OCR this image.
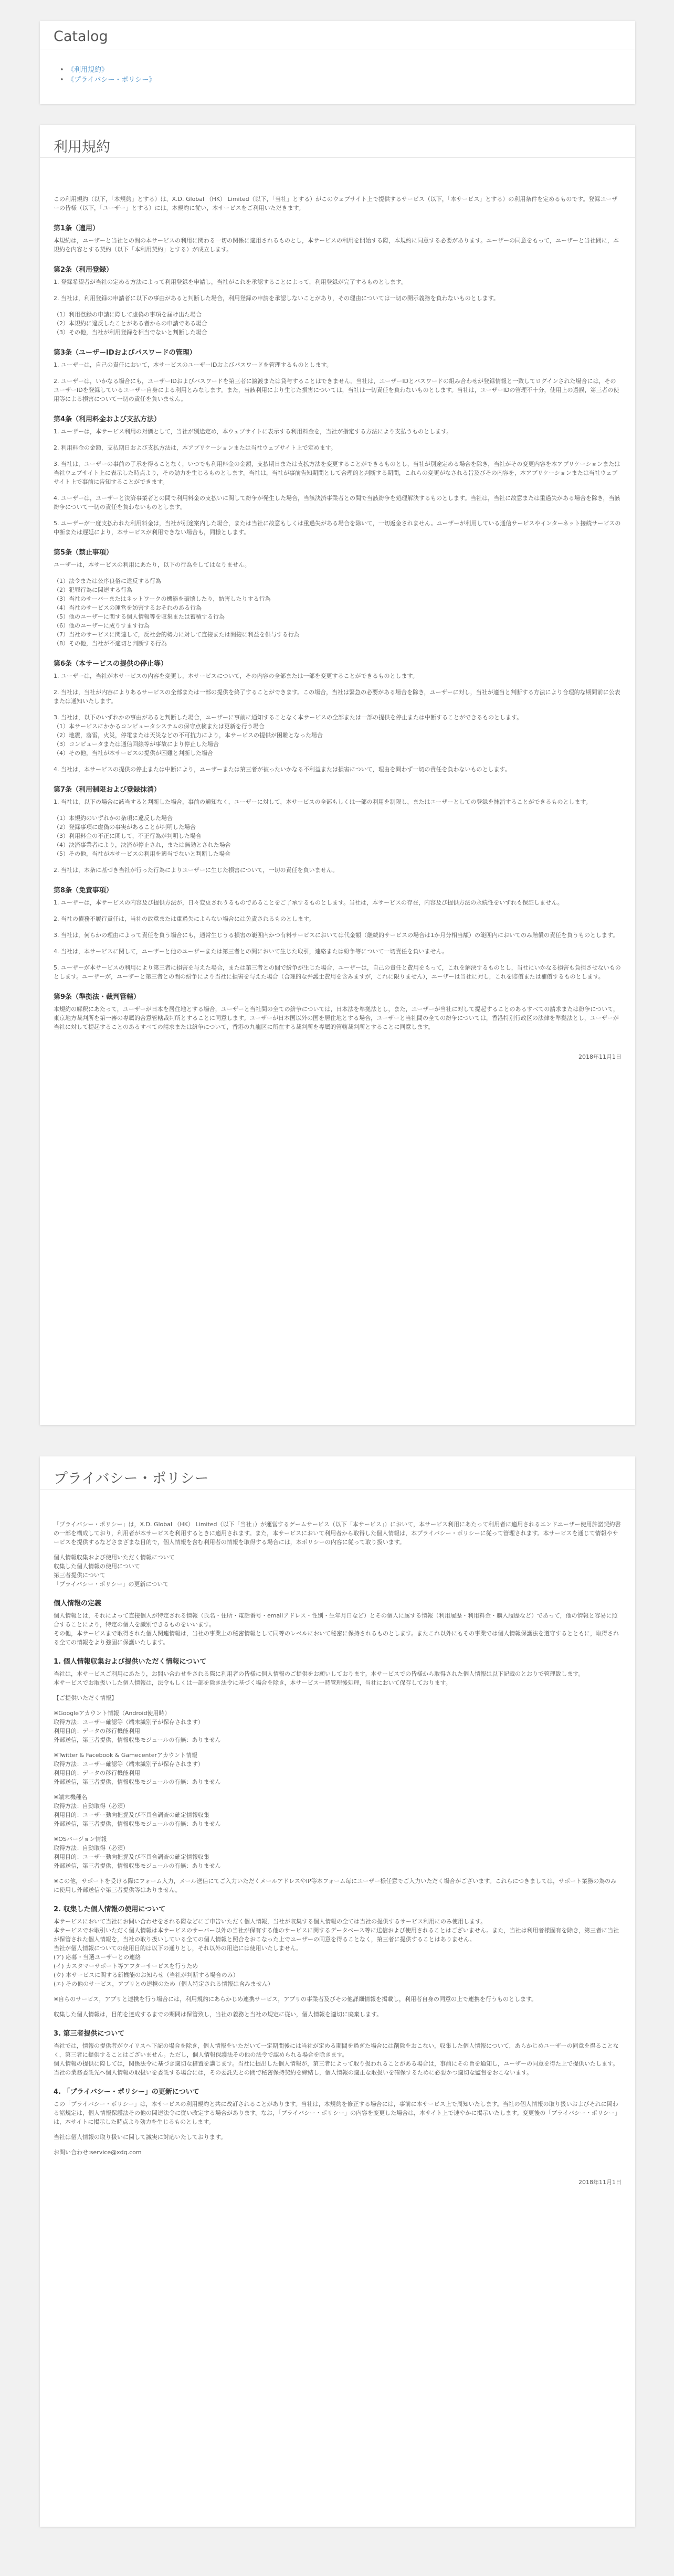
Catalog
• 《利用規約》
• 《プライバシー・ポリシー》
利用規約

この利用規約（以下，「本規約」とする）は、X.D. Global （HK） Limited（以下，「当社」とする）がこのウェブサイト上で提供するサービス（以下，「本サービス」とする）の利用条件を定めるものです。登録ユーザーの皆様（以下，「ユーザー」とする）には，本規約に従い，本サービスをご利用いただきます。

第1条（適用）

本規約は，ユーザーと当社との間の本サービスの利用に関わる一切の関係に適用されるものとし，本サービスの利用を開始する際，本規約に同意する必要があります。ユーザーの同意をもって，ユーザーと当社間に，本規約を内容とする契約（以下「本利用契約」とする）が成立します。

第2条（利用登録）

1. 登録希望者が当社の定める方法によって利用登録を申請し，当社がこれを承認することによって，利用登録が完了するものとします。

2. 当社は，利用登録の申請者に以下の事由があると判断した場合，利用登録の申請を承認しないことがあり，その理由については一切の開示義務を負わないものとします。

（1）利用登録の申請に際して虚偽の事項を届け出た場合
（2）本規約に違反したことがある者からの申請である場合
（3）その他，当社が利用登録を相当でないと判断した場合

第3条（ユーザーIDおよびパスワードの管理）

1. ユーザーは，自己の責任において，本サービスのユーザーIDおよびパスワードを管理するものとします。

2. ユーザーは，いかなる場合にも，ユーザーIDおよびパスワードを第三者に譲渡または貸与することはできません。当社は，ユーザーIDとパスワードの組み合わせが登録情報と一致してログインされた場合には，そのユーザーIDを登録しているユーザー自身による利用とみなします。また，当該利用により生じた損害については，当社は一切責任を負わないものとします。当社は，ユーザーIDの管理不十分，使用上の過誤，第三者の使用等による損害について一切の責任を負いません。

第4条（利用料金および支払方法）

1. ユーザーは，本サービス利用の対価として，当社が別途定め，本ウェブサイトに表示する利用料金を，当社が指定する方法により支払うものとします。

2. 利用料金の金額，支払期日および支払方法は，本アプリケーションまたは当社ウェブサイト上で定めます。

3. 当社は，ユーザーの事前の了承を得ることなく，いつでも利用料金の金額，支払期日または支払方法を変更することができるものとし，当社が別途定める場合を除き，当社がその変更内容を本アプリケーションまたは当社ウェブサイト上に表示した時点より，その効力を生じるものとします。当社は，当社が事前告知期間として合理的と判断する期間，これらの変更がなされる旨及びその内容を，本アプリケーションまたは当社ウェブサイト上で事前に告知することができます。

4. ユーザーは，ユーザーと決済事業者との間で利用料金の支払いに関して紛争が発生した場合，当該決済事業者との間で当該紛争を処理解決するものとします。当社は，当社に故意または重過失がある場合を除き，当該紛争について一切の責任を負わないものとします。

5. ユーザーが一度支払われた利用料金は，当社が別途案内した場合，または当社に故意もしくは重過失がある場合を除いて，一切返金されません。ユーザーが利用している通信サービスやインターネット接続サービスの中断または遅延により，本サービスが利用できない場合も，同様とします。

第5条（禁止事項）

ユーザーは，本サービスの利用にあたり，以下の行為をしてはなりません。

（1）法令または公序良俗に違反する行為
（2）犯罪行為に関連する行為
（3）当社のサーバーまたはネットワークの機能を破壊したり，妨害したりする行為
（4）当社のサービスの運営を妨害するおそれのある行為
（5）他のユーザーに関する個人情報等を収集または蓄積する行為
（6）他のユーザーに成りすます行為
（7）当社のサービスに関連して，反社会的勢力に対して直接または間接に利益を供与する行為
（8）その他，当社が不適切と判断する行為

第6条（本サービスの提供の停止等）

1. ユーザーは，当社が本サービスの内容を変更し，本サービスについて，その内容の全部または一部を変更することができるものとします。

2. 当社は，当社が内容によりあるサービスの全部または一部の提供を終了することができます。この場合，当社は緊急の必要がある場合を除き，ユーザーに対し，当社が適当と判断する方法により合理的な期間前に公表または通知いたします。

3. 当社は，以下のいずれかの事由があると判断した場合，ユーザーに事前に通知することなく本サービスの全部または一部の提供を停止または中断することができるものとします。
（1）本サービスにかかるコンピュータシステムの保守点検または更新を行う場合
（2）地震，落雷，火災，停電または天災などの不可抗力により，本サービスの提供が困難となった場合
（3）コンピュータまたは通信回線等が事故により停止した場合
（4）その他，当社が本サービスの提供が困難と判断した場合

4. 当社は，本サービスの提供の停止または中断により，ユーザーまたは第三者が被ったいかなる不利益または損害について，理由を問わず一切の責任を負わないものとします。

第7条（利用制限および登録抹消）

1. 当社は，以下の場合に該当すると判断した場合，事前の通知なく，ユーザーに対して，本サービスの全部もしくは一部の利用を制限し，またはユーザーとしての登録を抹消することができるものとします。

（1）本規約のいずれかの条項に違反した場合
（2）登録事項に虚偽の事実があることが判明した場合
（3）利用料金の不正に関して，不正行為が判明した場合
（4）決済事業者により，決済が停止され，または無効とされた場合
（5）その他，当社が本サービスの利用を適当でないと判断した場合

2. 当社は，本条に基づき当社が行った行為によりユーザーに生じた損害について，一切の責任を負いません。

第8条（免責事項）

1. ユーザーは，本サービスの内容及び提供方法が，日々変更されうるものであることをご了承するものとします。当社は，本サービスの存在，内容及び提供方法の永続性をいずれも保証しません。

2. 当社の債務不履行責任は，当社の故意または重過失によらない場合には免責されるものとします。

3. 当社は，何らかの理由によって責任を負う場合にも，通常生じうる損害の範囲内かつ有料サービスにおいては代金額（継続的サービスの場合は1か月分相当額）の範囲内においてのみ賠償の責任を負うものとします。

4. 当社は，本サービスに関して，ユーザーと他のユーザーまたは第三者との間において生じた取引，連絡または紛争等について一切責任を負いません。

5. ユーザーが本サービスの利用により第三者に損害を与えた場合，または第三者との間で紛争が生じた場合，ユーザーは，自己の責任と費用をもって，これを解決するものとし，当社にいかなる損害も負担させないものとします。ユーザーが，ユーザーと第三者との間の紛争により当社に損害を与えた場合（合理的な弁護士費用を含みますが，これに限りません），ユーザーは当社に対し，これを賠償または補償するものとします。

第9条（準拠法・裁判管轄）

本規約の解釈にあたって，ユーザーが日本を居住地とする場合，ユーザーと当社間の全ての紛争については，日本法を準拠法とし，また，ユーザーが当社に対して提起することのあるすべての請求または紛争について，東京地方裁判所を第一審の専属的合意管轄裁判所とすることに同意します。ユーザーが日本国以外の国を居住地とする場合，ユーザーと当社間の全ての紛争については，香港特別行政区の法律を準拠法とし，ユーザーが当社に対して提起することのあるすべての請求または紛争について，香港の九龍区に所在する裁判所を専属的管轄裁判所とすることに同意します。

2018年11月1日

プライバシー・ポリシー

「プライバシー・ポリシー」は，X.D. Global （HK） Limited（以下「当社」）が運営するゲームサービス（以下「本サービス」）において，本サービス利用にあたって利用者に適用されるエンドユーザー使用許諾契約書の一部を構成しており，利用者が本サービスを利用するときに適用されます。また，本サービスにおいて利用者から取得した個人情報は，本プライバシー・ポリシーに従って管理されます。本サービスを通じて情報やサービスを提供するなどさまざまな目的で，個人情報を含む利用者の情報を取得する場合には，本ポリシーの内容に従って取り扱います。

個人情報収集および使用いただく情報について
収集した個人情報の使用について
第三者提供について
「プライバシー・ポリシー」の更新について

個人情報の定義

個人情報とは，それによって直接個人が特定される情報（氏名・住所・電話番号・emailアドレス・性別・生年月日など）とその個人に属する情報（利用履歴・利用料金・購入履歴など）であって，他の情報と容易に照合することにより，特定の個人を識別できるものをいいます。
その他，本サービスまで取得された個人関連情報は，当社の事業上の秘密情報として同等のレベルにおいて秘密に保持されるものとします。またこれ以外にもその事業では個人情報保護法を遵守するとともに，取得される全ての情報をより強固に保護いたします。

1. 個人情報収集および提供いただく情報について

当社は，本サービスご利用にあたり，お問い合わせをされる際に利用者の皆様に個人情報のご提供をお願いしております。本サービスでの皆様から取得された個人情報は以下記載のとおりで管理致します。
本サービスでお取扱いした個人情報は，法令もしくは一部を除き法令に基づく場合を除き，本サービス一時管理後処理，当社において保存しております。

【ご提供いただく情報】

※Googleアカウント情報（Android使用時）
取得方法：ユーザー確認等（端末識別子が保存されます）
利用目的：データの移行機能利用
外部送信，第三者提供，情報収集モジュールの有無：ありません

※Twitter & Facebook & Gamecenterアカウント情報
取得方法：ユーザー確認等（端末識別子が保存されます）
利用目的：データの移行機能利用
外部送信，第三者提供，情報収集モジュールの有無：ありません

※端末機種名
取得方法：自動取得（必須）
利用目的：ユーザー動向把握及び不具合調査の確定情報収集
外部送信，第三者提供，情報収集モジュールの有無：ありません

※OSバージョン情報
取得方法：自動取得（必須）
利用目的：ユーザー動向把握及び不具合調査の確定情報収集
外部送信，第三者提供，情報収集モジュールの有無：ありません

※この他，サポートを受ける際にフォーム入力，メール送信にてご入力いただくメールアドレスやIP等本フォーム毎にユーザー様任意でご入力いただく場合がございます。これらにつきましては，サポート業務の為のみに使用し外部送信や第三者提供等はありません。

2. 収集した個人情報の使用について

本サービスにおいて当社にお問い合わせをされる際などにご申告いただく個人情報，当社が収集する個人情報の全ては当社の提供するサービス利用にのみ使用します。
本サービスでお取引いただく個人情報は本サービスのサーバー以外の当社が保有する他のサービスに関するデータベース等に送信および使用されることはございません。また，当社は利用者様固有を除き，第三者に当社が保管された個人情報を，当社の取り扱いしている全ての個人情報と照合をおこなった上でユーザーの同意を得ることなく，第三者に提供することはありません。
当社が個人情報についての使用目的は以下の通りとし，それ以外の用途には使用いたしません。
(ア) 応募・当選ユーザーとの連絡
(イ) カスタマーサポート等アフターサービスを行うため
(ウ) 本サービスに関する新機能のお知らせ（当社が判断する場合のみ）
(エ) その他のサービス，アプリとの連携のため（個人特定される情報は含みません）

※自らのサービス，アプリと連携を行う場合には，利用規約にあらかじめ連携サービス，アプリの事業者及びその他詳細情報を掲載し，利用者自身の同意の上で連携を行うものとします。

収集した個人情報は，目的を達成するまでの期間は保管致し，当社の義務と当社の規定に従い，個人情報を適切に廃棄します。

3. 第三者提供について

当社では，情報の提供者がウイリスへ下記の場合を除き，個人情報をいただいて一定期間後には当社が定める期間を過ぎた場合には削除をおこない，収集した個人情報について，あらかじめユーザーの同意を得ることなく，第三者に提供することはございません。ただし，個人情報保護法その他の法令で認められる場合を除きます。
個人情報の提供に際しては，関係法令に基づき適切な措置を講じます。当社に提出した個人情報が，第三者によって取り扱われることがある場合は，事前にその旨を通知し，ユーザーの同意を得た上で提供いたします。
当社の業務委託先へ個人情報の取扱いを委託する場合には，その委託先との間で秘密保持契約を締結し，個人情報の適正な取扱いを確保するために必要かつ適切な監督をおこないます。

4. 「プライバシー・ポリシー」の更新について

この「プライバシー・ポリシー」は，本サービスの利用規約と共に改訂されることがあります。当社は，本規約を修正する場合には，事前に本サービス上で周知いたします。当社の個人情報の取り扱いおよびそれに関わる諸規定は，個人情報保護法その他の関連法令に従い改定する場合があります。なお，「プライバシー・ポリシー」の内容を変更した場合は，本サイト上で速やかに掲示いたします。変更後の「プライバシー・ポリシー」は，本サイトに掲示した時点より効力を生じるものとします。

当社は個人情報の取り扱いに関して誠実に対応いたしております。

お問い合わせ:service@xdg.com

2018年11月1日
